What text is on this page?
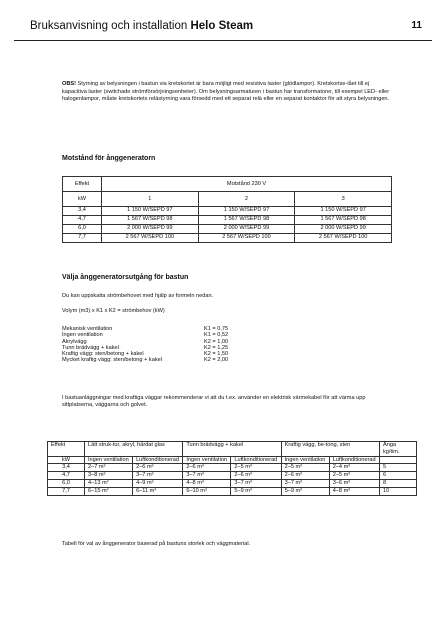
Bruksanvisning och installation Helo Steam	11
OBS! Styrning av belysningen i bastun via kretskortet är bara möjligt med resistiva laster (glödlampor). Kretskortse-lået till ej kapacitiva laster (switchade strömförsörjningsenheter). Om belysningsarmaturen i bastun har transformatorer, till exempel LED- eller halogenlampor, måste kretskortets relästyrning vara försedd med ett separat relä eller en separat kontaktor för att styra belysningen.
Motstånd för ånggeneratorn
Effekt	Motstånd 230 V		
kW	1	2	3
3,4	1 150 W/SEPD 97	1 150 W/SEPD 97	1 150 W/SEPD 97
4,7	1 567 W/SEPD 98	1 567 W/SEPD 98	1 567 W/SEPD 98
6,0	2 000 W/SEPD 99	2 000 W/SEPD 99	2 000 W/SEPD 99
7,7	2 567 W/SEPD 100	2 567 W/SEPD 100	2 567 W/SEPD 100
Välja ånggeneratorsutgång för bastun
Du kan uppskatta strömbehovet med hjälp av formeln nedan.
Volym (m3) x K1 x K2 = strömbehov (kW)
Mekanisk ventilation	K1 = 0,75
Ingen ventilation	K1 = 0,52
Akrylvägg	K2 = 1,00
Tunn brädvägg + kakel	K2 = 1,25
Kraftig vägg: sten/betong + kakel	K2 = 1,50
Mycket kraftig vägg: sten/betong + kakel	K2 = 2,00
I bastuanläggningar med kraftiga väggar rekommenderar vi att du t.ex. använder en elektrisk värmekabel för att värma upp sittplatserna, väggarna och golvet.
Effekt	Lätt struk-tur, akryl, härdat glas		Tunn brädvägg + kakel		Kraftig vägg, be-tong, sten		Ånga kg/tim.
kW	Ingen ventilation	Luftkonditionerad	Ingen ventilation	Luftkonditionerad	Ingen ventilation	Luftkonditionerad	
3,4	2–7 m³	2–6 m³	2–6 m³	2–5 m³	2–5 m³	2–4 m³	5
4,7	3–8 m³	3–7 m³	3–7 m³	2–6 m³	2–6 m³	2–5 m³	6
6,0	4–13 m³	4–9 m³	4–8 m³	3–7 m³	3–7 m³	3–6 m³	8
7,7	6–15 m³	6–11 m³	6–10 m³	5–9 m³	5–9 m³	4–8 m³	10
Tabell för val av ånggenerator baserad på bastuns storlek och väggmaterial.
